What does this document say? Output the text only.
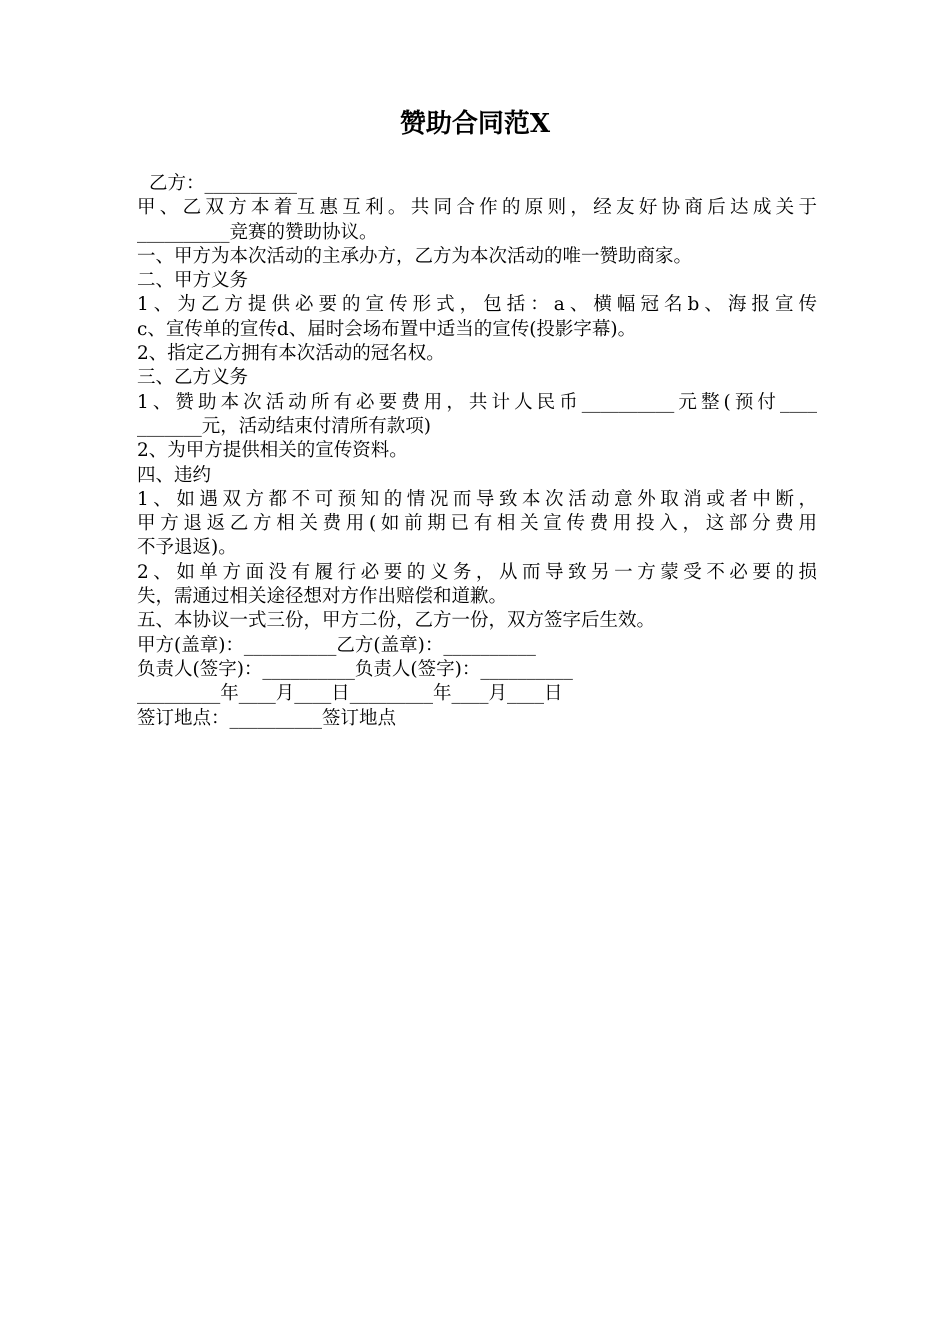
赞助合同范X
乙方：__________
甲、乙双方本着互惠互利。共同合作的原则，经友好协商后达成关于
__________竞赛的赞助协议。
一、甲方为本次活动的主承办方，乙方为本次活动的唯一赞助商家。
二、甲方义务
1、为乙方提供必要的宣传形式，包括：a、横幅冠名b、海报宣传
c、宣传单的宣传d、届时会场布置中适当的宣传(投影字幕)。
2、指定乙方拥有本次活动的冠名权。
三、乙方义务
1、赞助本次活动所有必要费用，共计人民币__________元整(预付____
_______元，活动结束付清所有款项)
2、为甲方提供相关的宣传资料。
四、违约
1、如遇双方都不可预知的情况而导致本次活动意外取消或者中断，
甲方退返乙方相关费用(如前期已有相关宣传费用投入，这部分费用
不予退返)。
2、如单方面没有履行必要的义务，从而导致另一方蒙受不必要的损
失，需通过相关途径想对方作出赔偿和道歉。
五、本协议一式三份，甲方二份，乙方一份，双方签字后生效。
甲方(盖章)：__________乙方(盖章)：__________
负责人(签字)：__________负责人(签字)：__________
_________年____月____日_________年____月____日
签订地点：__________签订地点
